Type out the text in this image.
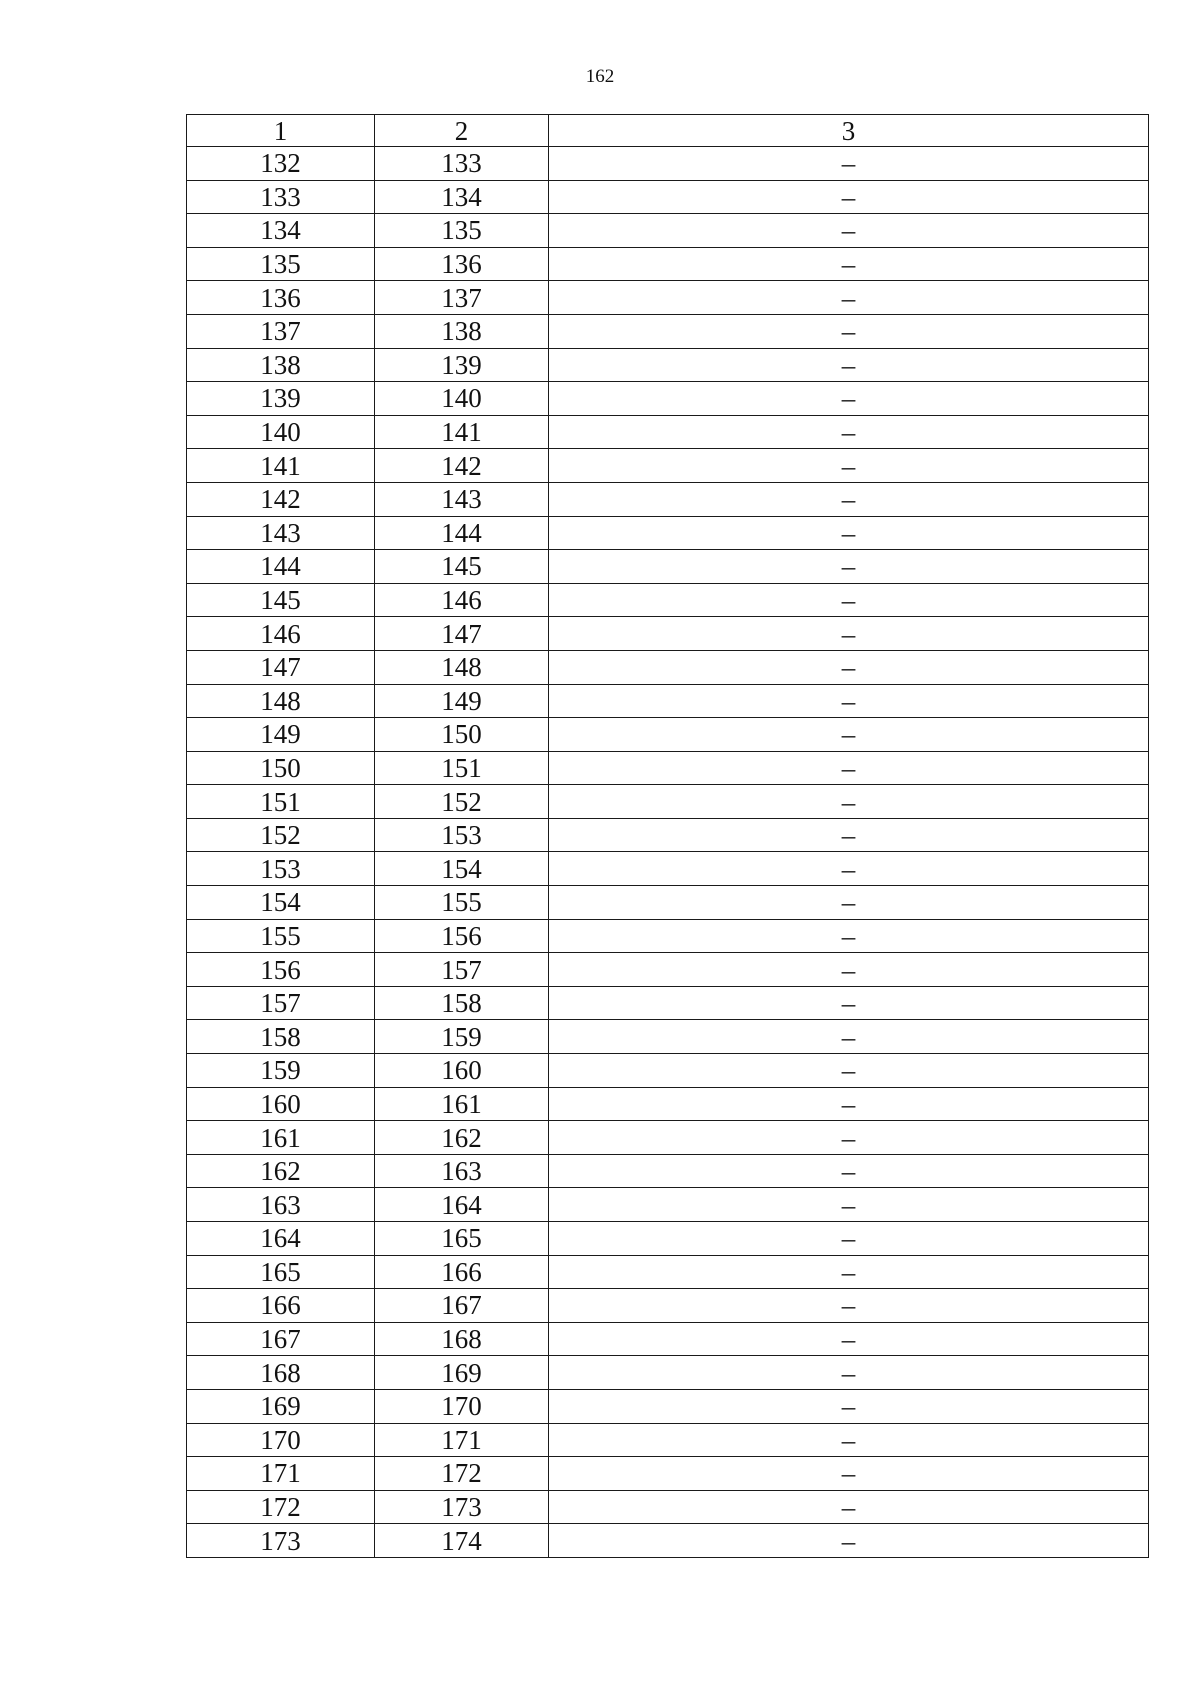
162
1	2	3
132	133	–
133	134	–
134	135	–
135	136	–
136	137	–
137	138	–
138	139	–
139	140	–
140	141	–
141	142	–
142	143	–
143	144	–
144	145	–
145	146	–
146	147	–
147	148	–
148	149	–
149	150	–
150	151	–
151	152	–
152	153	–
153	154	–
154	155	–
155	156	–
156	157	–
157	158	–
158	159	–
159	160	–
160	161	–
161	162	–
162	163	–
163	164	–
164	165	–
165	166	–
166	167	–
167	168	–
168	169	–
169	170	–
170	171	–
171	172	–
172	173	–
173	174	–
